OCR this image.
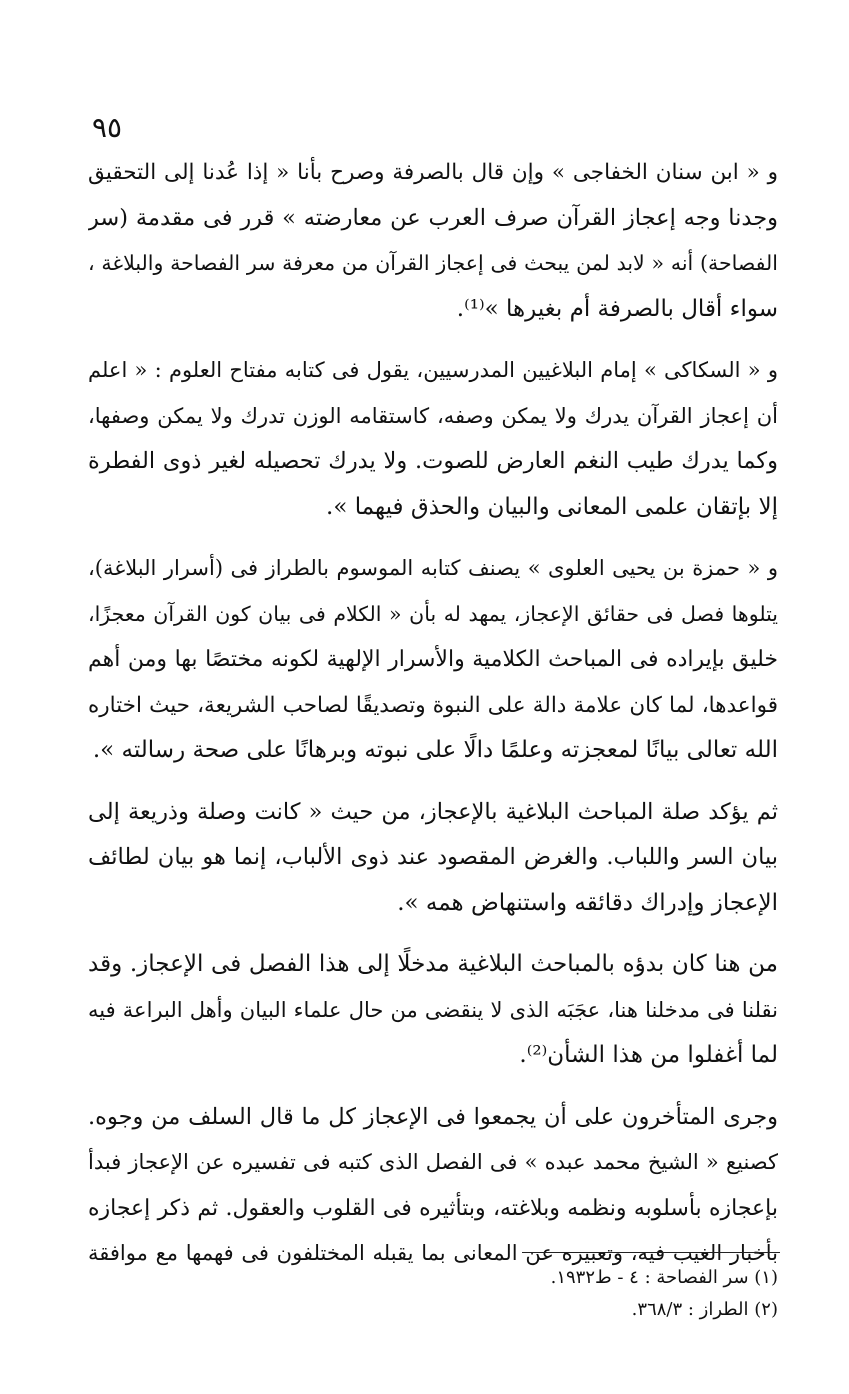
٩٥

و « ابن سنان الخفاجى » وإن قال بالصرفة وصرح بأنا « إذا عُدنا إلى التحقيق
وجدنا وجه إعجاز القرآن صرف العرب عن معارضته » قرر فى مقدمة (سر
الفصاحة) أنه « لابد لمن يبحث فى إعجاز القرآن من معرفة سر الفصاحة والبلاغة ،
سواء أقال بالصرفة أم بغيرها »⁽¹⁾.

و « السكاكى » إمام البلاغيين المدرسيين، يقول فى كتابه مفتاح العلوم : « اعلم
أن إعجاز القرآن يدرك ولا يمكن وصفه، كاستقامه الوزن تدرك ولا يمكن وصفها،
وكما يدرك طيب النغم العارض للصوت. ولا يدرك تحصيله لغير ذوى الفطرة
إلا بإتقان علمى المعانى والبيان والحذق فيهما ».

و « حمزة بن يحيى العلوى » يصنف كتابه الموسوم بالطراز فى (أسرار البلاغة)،
يتلوها فصل فى حقائق الإعجاز، يمهد له بأن « الكلام فى بيان كون القرآن معجزًا،
خليق بإيراده فى المباحث الكلامية والأسرار الإلهية لكونه مختصًا بها ومن أهم
قواعدها، لما كان علامة دالة على النبوة وتصديقًا لصاحب الشريعة، حيث اختاره
الله تعالى بيانًا لمعجزته وعلمًا دالًا على نبوته وبرهانًا على صحة رسالته ».

ثم يؤكد صلة المباحث البلاغية بالإعجاز، من حيث « كانت وصلة وذريعة إلى
بيان السر واللباب. والغرض المقصود عند ذوى الألباب، إنما هو بيان لطائف
الإعجاز وإدراك دقائقه واستنهاض همه ».

من هنا كان بدؤه بالمباحث البلاغية مدخلًا إلى هذا الفصل فى الإعجاز. وقد
نقلنا فى مدخلنا هنا، عجَبَه الذى لا ينقضى من حال علماء البيان وأهل البراعة فيه
لما أغفلوا من هذا الشأن⁽²⁾.

وجرى المتأخرون على أن يجمعوا فى الإعجاز كل ما قال السلف من وجوه.
كصنيع « الشيخ محمد عبده » فى الفصل الذى كتبه فى تفسيره عن الإعجاز فبدأ
بإعجازه بأسلوبه ونظمه وبلاغته، وبتأثيره فى القلوب والعقول. ثم ذكر إعجازه
بأخبار الغيب فيه، وتعبيره عن المعانى بما يقبله المختلفون فى فهمها مع موافقة

(١) سر الفصاحة : ٤ - ط١٩٣٢.
(٢) الطراز : ٣٦٨/٣.
